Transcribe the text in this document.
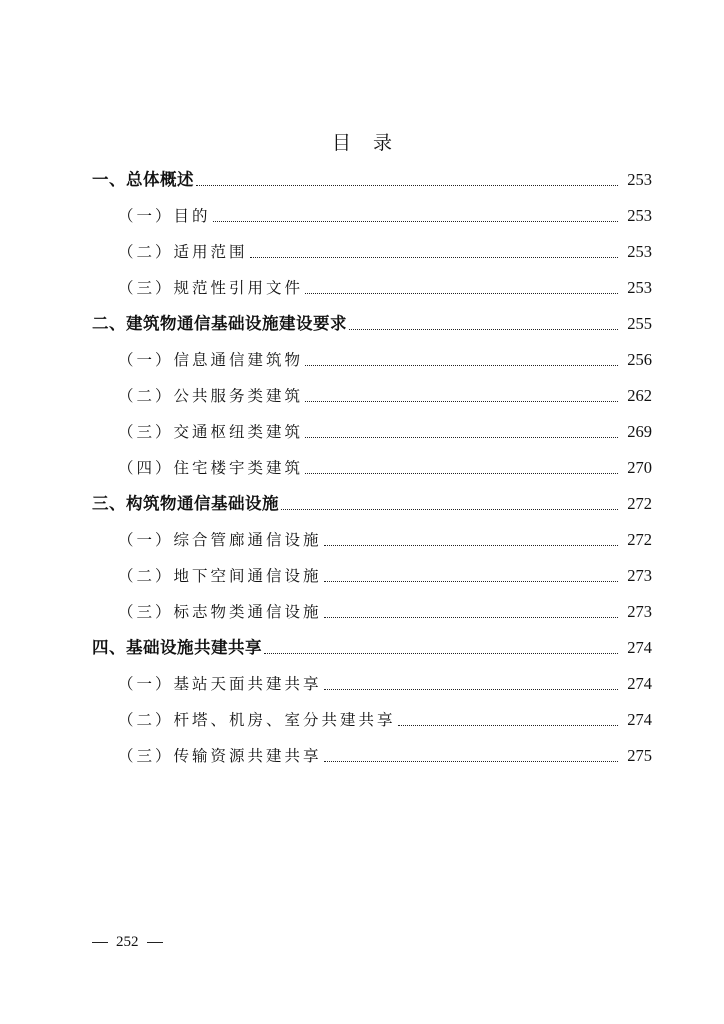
目 录
一、总体概述	253
（一）目的	253
（二）适用范围	253
（三）规范性引用文件	253
二、建筑物通信基础设施建设要求	255
（一）信息通信建筑物	256
（二）公共服务类建筑	262
（三）交通枢纽类建筑	269
（四）住宅楼宇类建筑	270
三、构筑物通信基础设施	272
（一）综合管廊通信设施	272
（二）地下空间通信设施	273
（三）标志物类通信设施	273
四、基础设施共建共享	274
（一）基站天面共建共享	274
（二）杆塔、机房、室分共建共享	274
（三）传输资源共建共享	275
252
